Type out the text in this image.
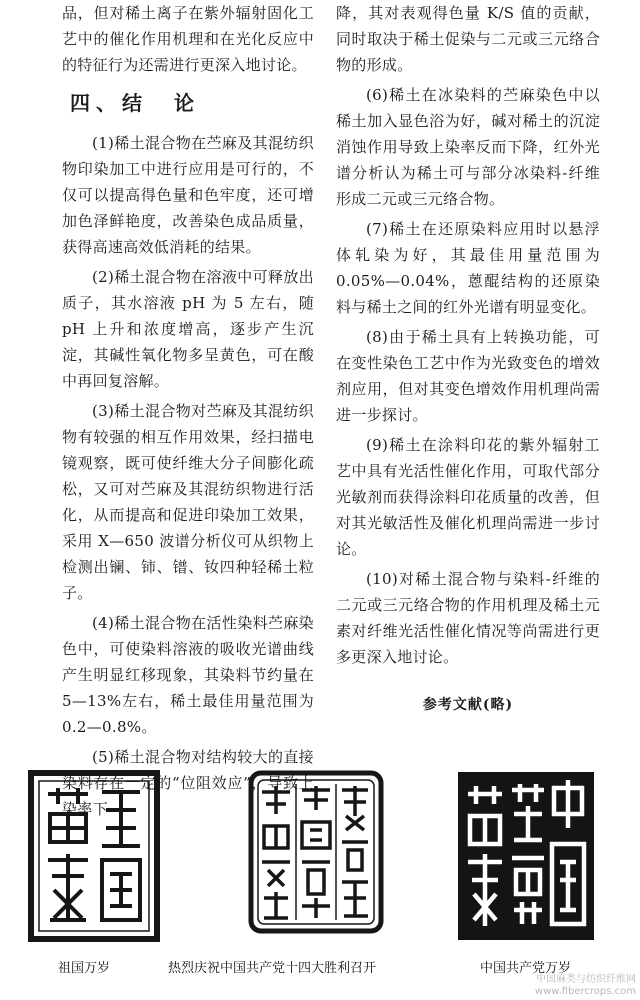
品，但对稀土离子在紫外辐射固化工艺中的催化作用机理和在光化反应中的特征行为还需进行更深入地讨论。

四、结　论

(1)稀土混合物在苎麻及其混纺织物印染加工中进行应用是可行的，不仅可以提高得色量和色牢度，还可增加色泽鲜艳度，改善染色成品质量，获得高速高效低消耗的结果。

(2)稀土混合物在溶液中可释放出质子，其水溶液 pH 为 5 左右，随 pH 上升和浓度增高，逐步产生沉淀，其碱性氧化物多呈黄色，可在酸中再回复溶解。

(3)稀土混合物对苎麻及其混纺织物有较强的相互作用效果，经扫描电镜观察，既可使纤维大分子间膨化疏松，又可对苎麻及其混纺织物进行活化，从而提高和促进印染加工效果，采用 X—650 波谱分析仪可从织物上检测出镧、铈、镨、钕四种轻稀土粒子。

(4)稀土混合物在活性染料苎麻染色中，可使染料溶液的吸收光谱曲线产生明显红移现象，其染料节约量在 5—13%左右，稀土最佳用量范围为 0.2—0.8%。

(5)稀土混合物对结构较大的直接染料存在一定的“位阻效应”，导致上染率下

降，其对表观得色量 K/S 值的贡献，同时取决于稀土促染与二元或三元络合物的形成。

(6)稀土在冰染料的苎麻染色中以稀土加入显色浴为好，碱对稀土的沉淀消蚀作用导致上染率反而下降，红外光谱分析认为稀土可与部分冰染料-纤维形成二元或三元络合物。

(7)稀土在还原染料应用时以悬浮体轧染为好，其最佳用量范围为 0.05%—0.04%，蒽醌结构的还原染料与稀土之间的红外光谱有明显变化。

(8)由于稀土具有上转换功能，可在变性染色工艺中作为光致变色的增效剂应用，但对其变色增效作用机理尚需进一步探讨。

(9)稀土在涂料印花的紫外辐射工艺中具有光活性催化作用，可取代部分光敏剂而获得涂料印花质量的改善，但对其光敏活性及催化机理尚需进一步讨论。

(10)对稀土混合物与染料-纤维的二元或三元络合物的作用机理及稀土元素对纤维光活性催化情况等尚需进行更多更深入地讨论。

参考文献(略)
祖国万岁	热烈庆祝中国共产党十四大胜利召开	中国共产党万岁
中国麻类与纺织纤维网
www.fibercrops.com
